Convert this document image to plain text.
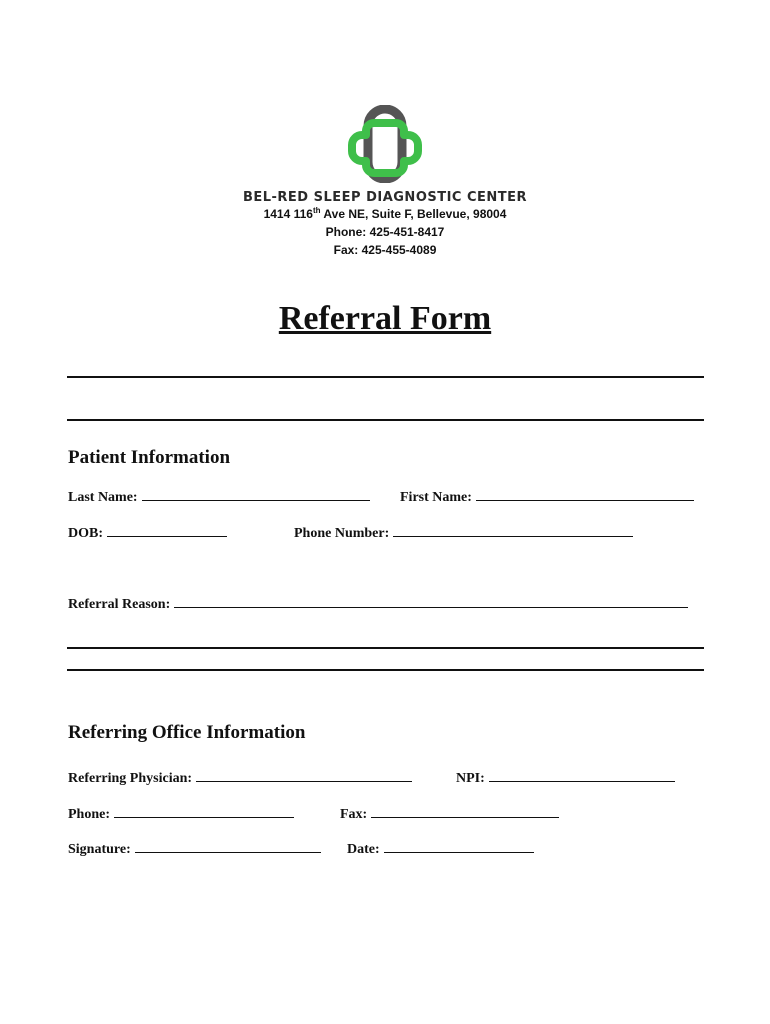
BEL-RED SLEEP DIAGNOSTIC CENTER
1414 116th Ave NE, Suite F, Bellevue, 98004
Phone: 425-451-8417
Fax: 425-455-4089
Referral Form
Patient Information
Last Name:	First Name:
DOB:	Phone Number:
Referral Reason:
Referring Office Information
Referring Physician:	NPI:
Phone:	Fax:
Signature:	Date:
